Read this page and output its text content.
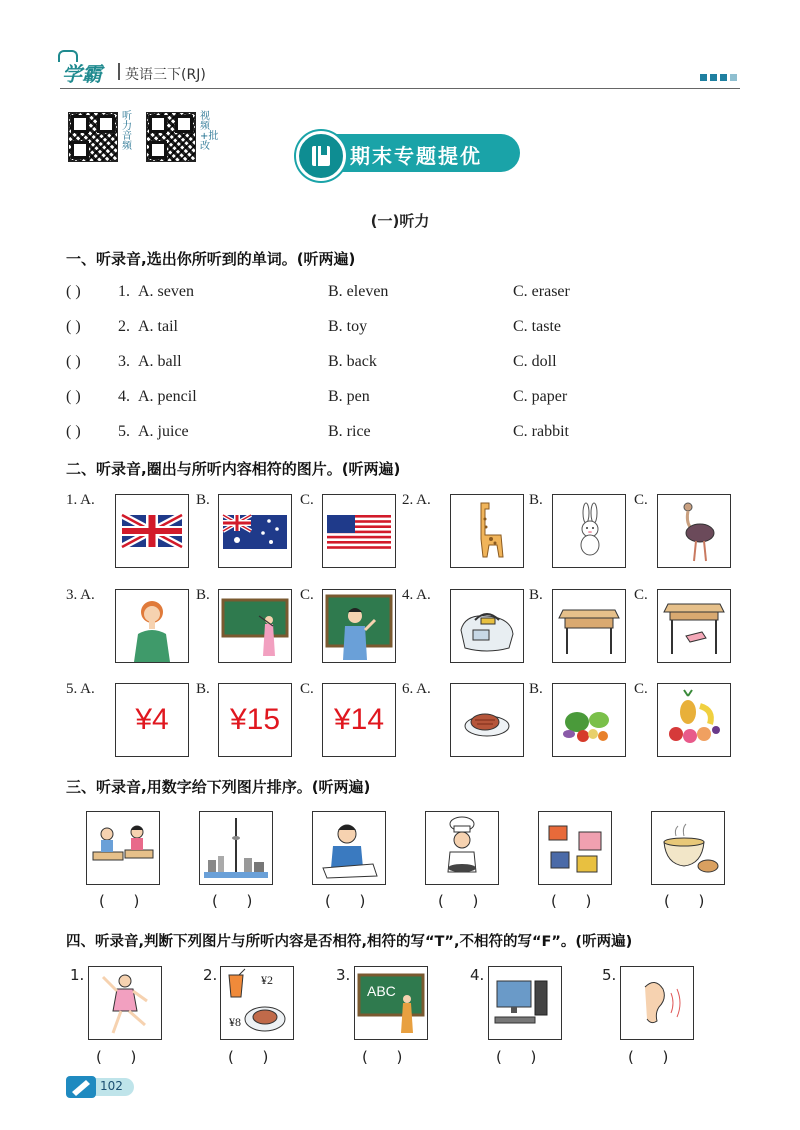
学霸 英语三下(RJ)
听力音频
视频+批改	期末专题提优
(一)听力
一、听录音,选出你所听到的单词。(听两遍)
( ) 1. A. seven	B. eleven	C. eraser
( ) 2. A. tail	B. toy	C. taste
( ) 3. A. ball	B. back	C. doll
( ) 4. A. pencil	B. pen	C. paper
( ) 5. A. juice	B. rice	C. rabbit
二、听录音,圈出与所听内容相符的图片。(听两遍)
1. A.	B.	C.	2. A.	B.	C.
3. A.	B.	C.	4. A.	B.	C.
5. A.
¥4
B.
¥15
C.
¥14
6. A.	B.	C.
三、听录音,用数字给下列图片排序。(听两遍)
(      )	(      )	(      )	(      )	(      )	(      )
四、听录音,判断下列图片与所听内容是否相符,相符的写“T”,不相符的写“F”。(听两遍)
1.
(      )
2.	¥2
¥8
(      )
3.
ABC
(      )
4.
(      )
5.
(      )
102
